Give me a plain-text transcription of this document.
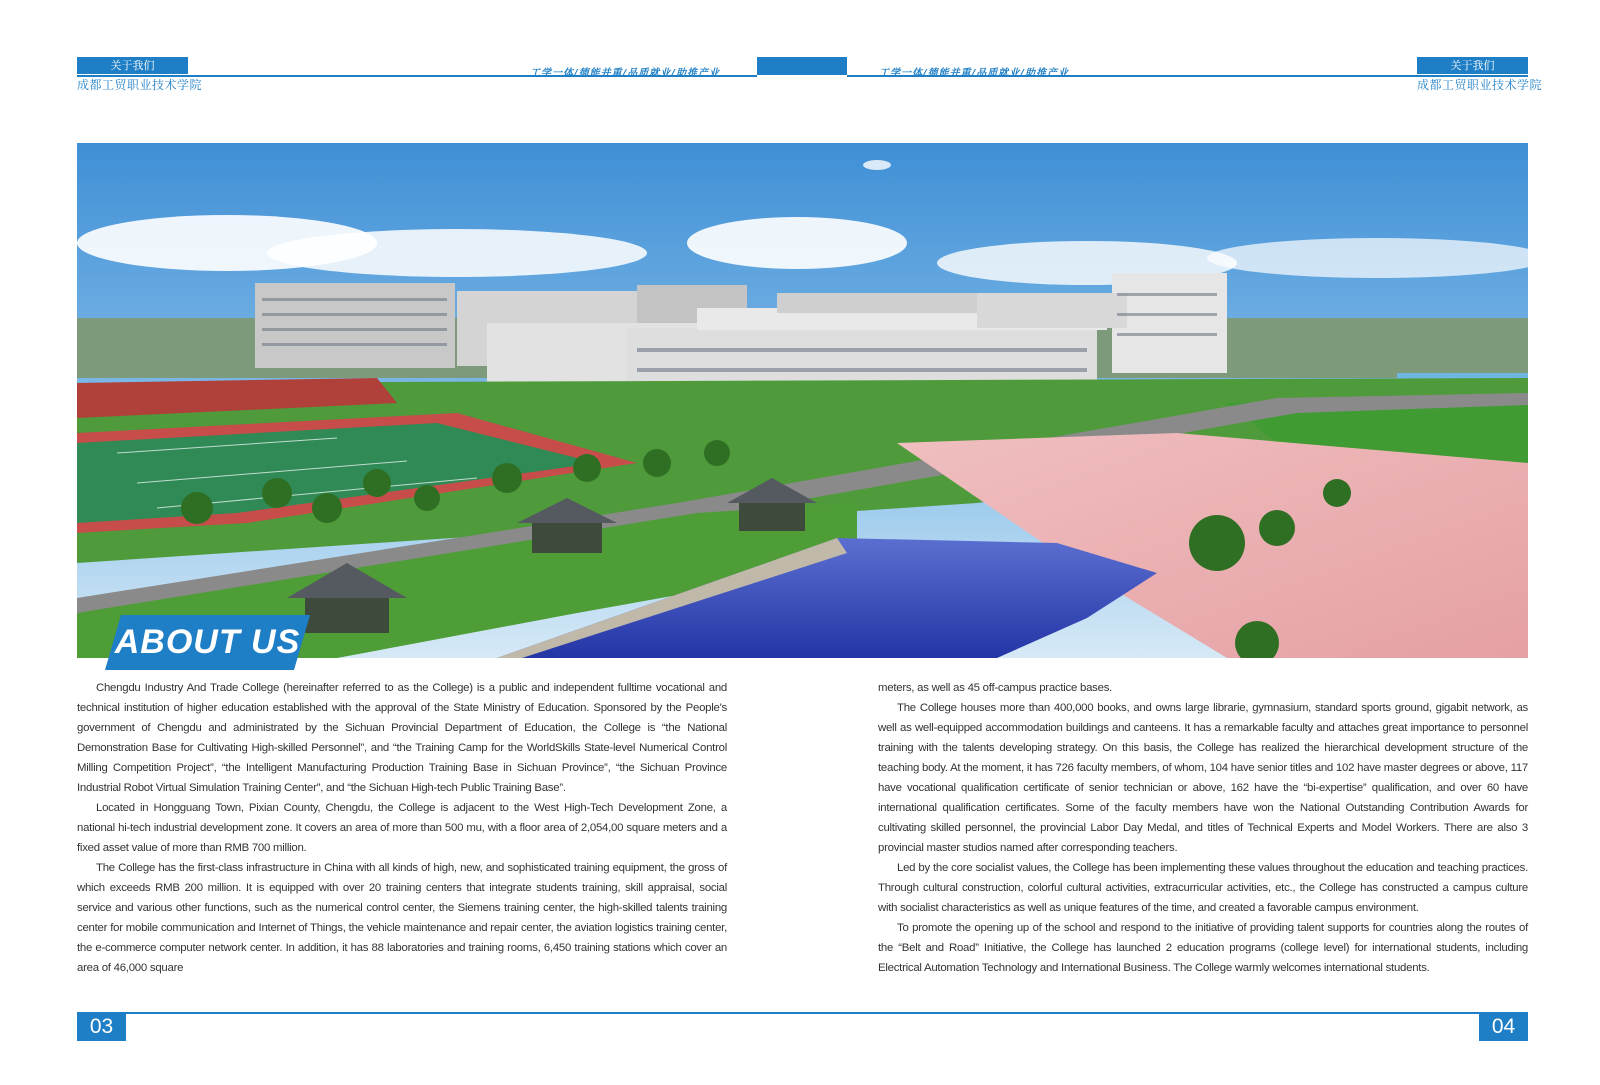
关于我们
成都工贸职业技术学院
工学一体/德能并重/品质就业/助推产业
关于我们
成都工贸职业技术学院
工学一体/德能并重/品质就业/助推产业
ABOUT US

Chengdu Industry And Trade College (hereinafter referred to as the College) is a public and independent fulltime vocational and technical institution of higher education established with the approval of the State Ministry of Education. Sponsored by the People's government of Chengdu and administrated by the Sichuan Provincial Department of Education, the College is “the National Demonstration Base for Cultivating High-skilled Personnel”, and “the Training Camp for the WorldSkills State-level Numerical Control Milling Competition Project”, “the Intelligent Manufacturing Production Training Base in Sichuan Province”, “the Sichuan Province Industrial Robot Virtual Simulation Training Center”, and “the Sichuan High-tech Public Training Base”.

Located in Hongguang Town, Pixian County, Chengdu, the College is adjacent to the West High-Tech Development Zone, a national hi-tech industrial development zone. It covers an area of more than 500 mu, with a floor area of 2,054,00 square meters and a fixed asset value of more than RMB 700 million.

The College has the first-class infrastructure in China with all kinds of high, new, and sophisticated training equipment, the gross of which exceeds RMB 200 million. It is equipped with over 20 training centers that integrate students training, skill appraisal, social service and various other functions, such as the numerical control center, the Siemens training center, the high-skilled talents training center for mobile communication and Internet of Things, the vehicle maintenance and repair center, the aviation logistics training center, the e-commerce computer network center. In addition, it has 88 laboratories and training rooms, 6,450 training stations which cover an area of 46,000 square

meters, as well as 45 off-campus practice bases.

The College houses more than 400,000 books, and owns large librarie, gymnasium, standard sports ground, gigabit network, as well as well-equipped accommodation buildings and canteens. It has a remarkable faculty and attaches great importance to personnel training with the talents developing strategy. On this basis, the College has realized the hierarchical development structure of the teaching body. At the moment, it has 726 faculty members, of whom, 104 have senior titles and 102 have master degrees or above, 117 have vocational qualification certificate of senior technician or above, 162 have the “bi-expertise” qualification, and over 60 have international qualification certificates. Some of the faculty members have won the National Outstanding Contribution Awards for cultivating skilled personnel, the provincial Labor Day Medal, and titles of Technical Experts and Model Workers. There are also 3 provincial master studios named after corresponding teachers.

Led by the core socialist values, the College has been implementing these values throughout the education and teaching practices. Through cultural construction, colorful cultural activities, extracurricular activities, etc., the College has constructed a campus culture with socialist characteristics as well as unique features of the time, and created a favorable campus environment.

To promote the opening up of the school and respond to the initiative of providing talent supports for countries along the routes of the “Belt and Road” Initiative, the College has launched 2 education programs (college level) for international students, including Electrical Automation Technology and International Business. The College warmly welcomes international students.

03	04
